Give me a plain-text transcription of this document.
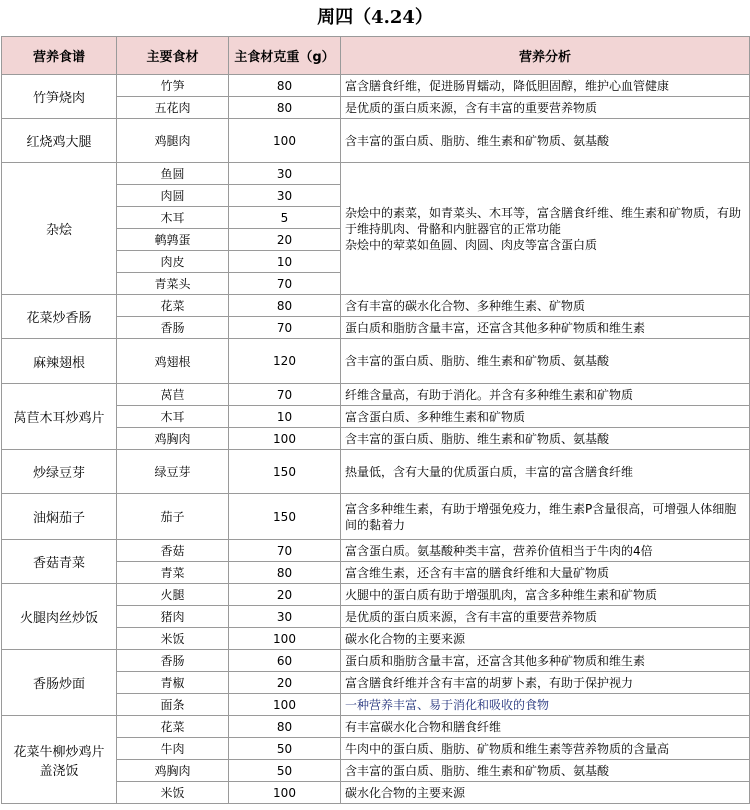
周四（4.24）
营养食谱	主要食材	主食材克重（g）	营养分析
竹笋烧肉	竹笋	80	富含膳食纤维，促进肠胃蠕动，降低胆固醇，维护心血管健康
	五花肉	80	是优质的蛋白质来源，含有丰富的重要营养物质
红烧鸡大腿	鸡腿肉	100	含丰富的蛋白质、脂肪、维生素和矿物质、氨基酸
杂烩	鱼圆	30	杂烩中的素菜，如青菜头、木耳等，富含膳食纤维、维生素和矿物质，有助于维持肌肉、骨骼和内脏器官的正常功能
杂烩中的荤菜如鱼圆、肉圆、肉皮等富含蛋白质
	肉圆	30	
	木耳	5	
	鹌鹑蛋	20	
	肉皮	10	
	青菜头	70	
花菜炒香肠	花菜	80	含有丰富的碳水化合物、多种维生素、矿物质
	香肠	70	蛋白质和脂肪含量丰富，还富含其他多种矿物质和维生素
麻辣翅根	鸡翅根	120	含丰富的蛋白质、脂肪、维生素和矿物质、氨基酸
莴苣木耳炒鸡片	莴苣	70	纤维含量高，有助于消化。并含有多种维生素和矿物质
	木耳	10	富含蛋白质、多种维生素和矿物质
	鸡胸肉	100	含丰富的蛋白质、脂肪、维生素和矿物质、氨基酸
炒绿豆芽	绿豆芽	150	热量低，含有大量的优质蛋白质，丰富的富含膳食纤维
油焖茄子	茄子	150	富含多种维生素，有助于增强免疫力，维生素P含量很高，可增强人体细胞间的黏着力
香菇青菜	香菇	70	富含蛋白质。氨基酸种类丰富，营养价值相当于牛肉的4倍
	青菜	80	富含维生素，还含有丰富的膳食纤维和大量矿物质
火腿肉丝炒饭	火腿	20	火腿中的蛋白质有助于增强肌肉，富含多种维生素和矿物质
	猪肉	30	是优质的蛋白质来源，含有丰富的重要营养物质
	米饭	100	碳水化合物的主要来源
香肠炒面	香肠	60	蛋白质和脂肪含量丰富，还富含其他多种矿物质和维生素
	青椒	20	富含膳食纤维并含有丰富的胡萝卜素，有助于保护视力
	面条	100	一种营养丰富、易于消化和吸收的食物
花菜牛柳炒鸡片
盖浇饭	花菜	80	有丰富碳水化合物和膳食纤维
	牛肉	50	牛肉中的蛋白质、脂肪、矿物质和维生素等营养物质的含量高
	鸡胸肉	50	含丰富的蛋白质、脂肪、维生素和矿物质、氨基酸
	米饭	100	碳水化合物的主要来源
